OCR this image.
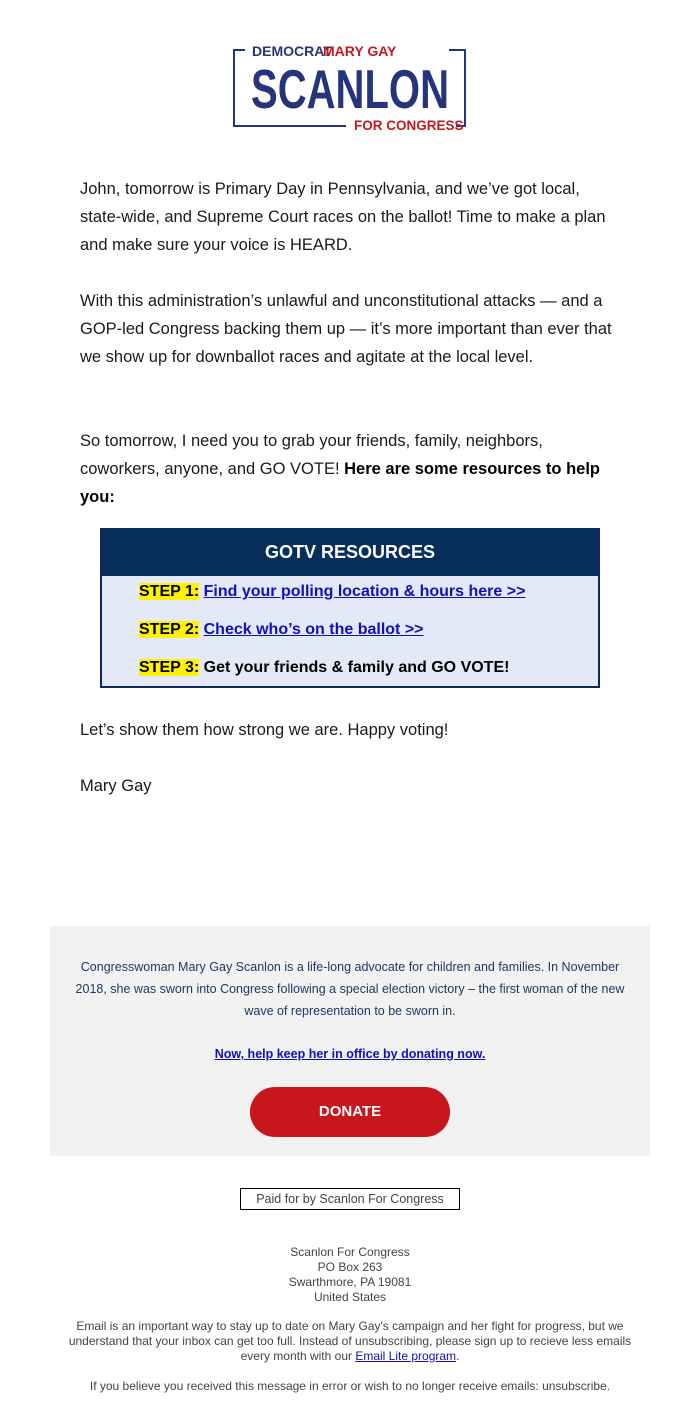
DEMOCRAT
MARY GAY
SCANLON
FOR CONGRESS

John, tomorrow is Primary Day in Pennsylvania, and we’ve got local, state-wide, and Supreme Court races on the ballot! Time to make a plan and make sure your voice is HEARD.

With this administration’s unlawful and unconstitutional attacks — and a GOP-led Congress backing them up — it’s more important than ever that we show up for downballot races and agitate at the local level.

So tomorrow, I need you to grab your friends, family, neighbors, coworkers, anyone, and GO VOTE! Here are some resources to help you:

GOTV RESOURCES
STEP 1: Find your polling location & hours here >>
STEP 2: Check who’s on the ballot >>
STEP 3: Get your friends & family and GO VOTE!

Let’s show them how strong we are. Happy voting!

Mary Gay

Congresswoman Mary Gay Scanlon is a life-long advocate for children and families. In November 2018, she was sworn into Congress following a special election victory – the first woman of the new wave of representation to be sworn in.

Now, help keep her in office by donating now.
DONATE
Paid for by Scanlon For Congress
Scanlon For Congress
PO Box 263
Swarthmore, PA 19081
United States

Email is an important way to stay up to date on Mary Gay's campaign and her fight for progress, but we understand that your inbox can get too full. Instead of unsubscribing, please sign up to recieve less emails every month with our Email Lite program.

If you believe you received this message in error or wish to no longer receive emails: unsubscribe.
